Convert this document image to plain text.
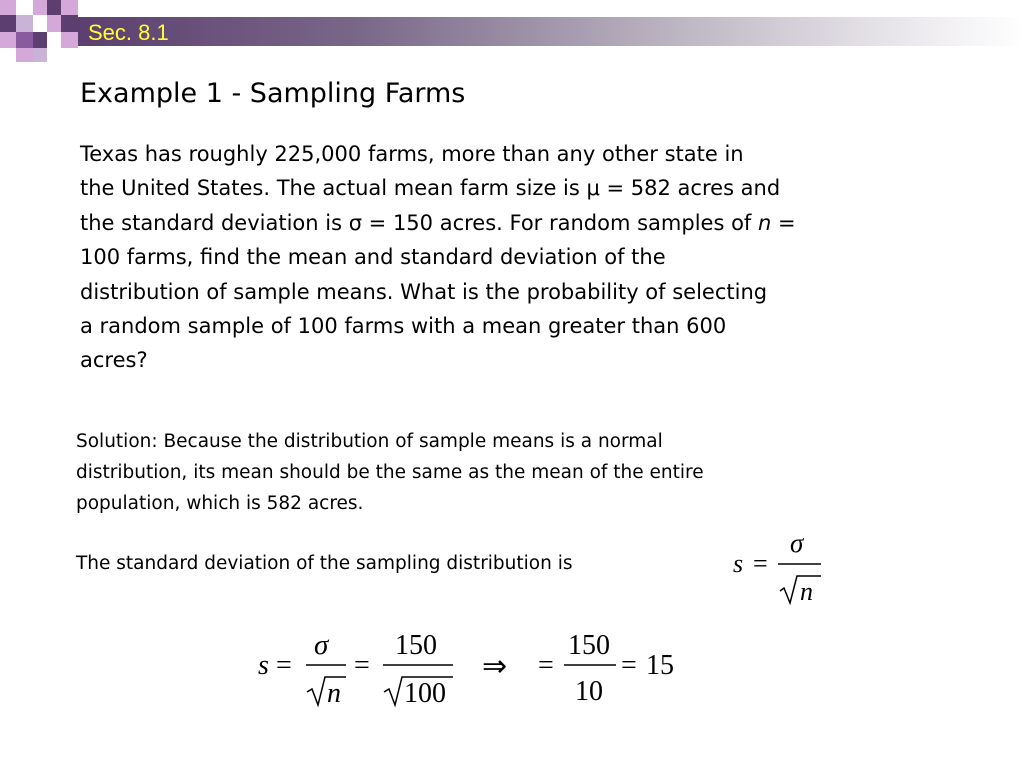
Sec. 8.1
Example 1 - Sampling Farms
Texas has roughly 225,000 farms, more than any other state in
the United States. The actual mean farm size is μ = 582 acres and
the standard deviation is σ = 150 acres. For random samples of n =
100 farms, find the mean and standard deviation of the
distribution of sample means. What is the probability of selecting
a random sample of 100 farms with a mean greater than 600
acres?
Solution: Because the distribution of sample means is a normal
distribution, its mean should be the same as the mean of the entire
population, which is 582 acres.
The standard deviation of the sampling distribution is	s =
σ
n
s =
σ
n
=
150
100
⇒ =
150
10
= 15
